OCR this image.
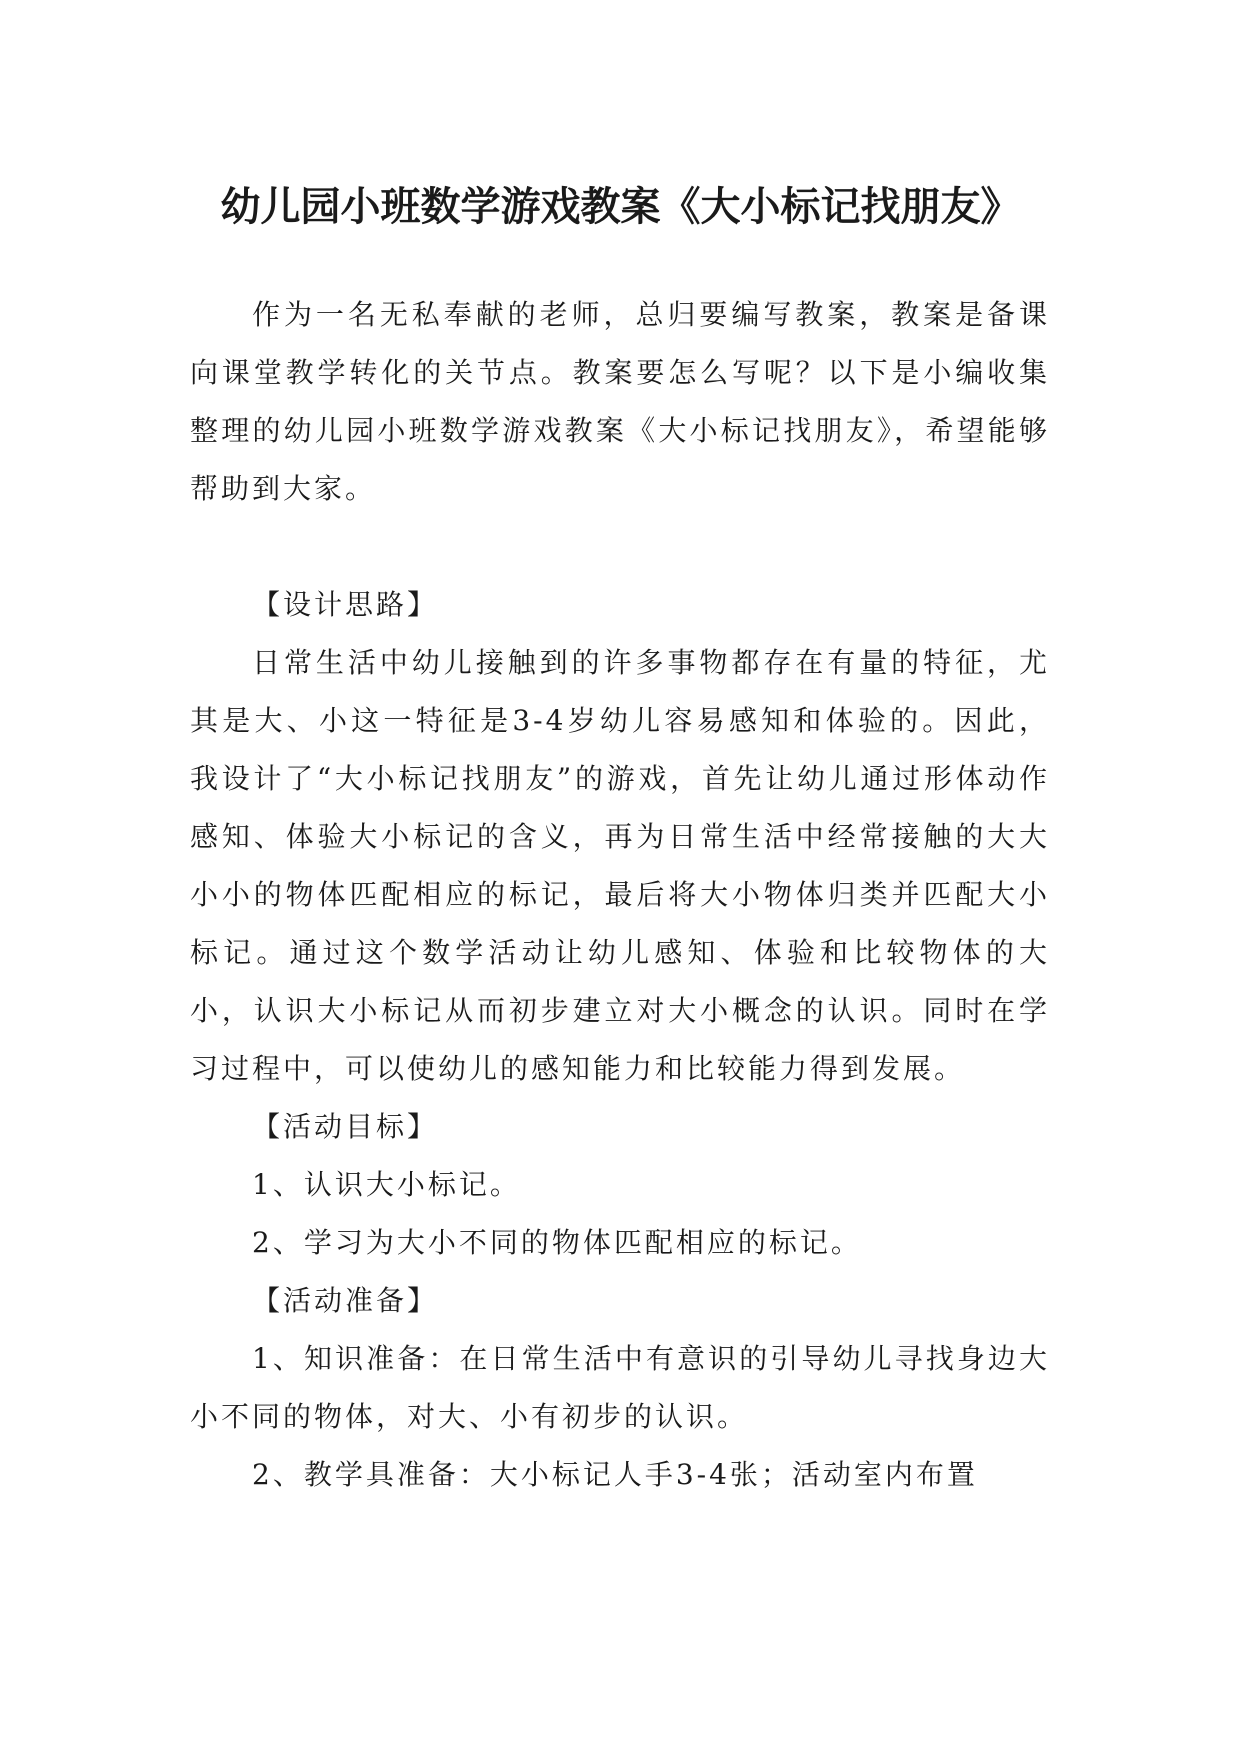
幼儿园小班数学游戏教案《大小标记找朋友》

作为一名无私奉献的老师，总归要编写教案，教案是备课向课堂教学转化的关节点。教案要怎么写呢？以下是小编收集整理的幼儿园小班数学游戏教案《大小标记找朋友》，希望能够帮助到大家。

【设计思路】

日常生活中幼儿接触到的许多事物都存在有量的特征，尤其是大、小这一特征是3-4岁幼儿容易感知和体验的。因此，我设计了“大小标记找朋友”的游戏，首先让幼儿通过形体动作感知、体验大小标记的含义，再为日常生活中经常接触的大大小小的物体匹配相应的标记，最后将大小物体归类并匹配大小标记。通过这个数学活动让幼儿感知、体验和比较物体的大小，认识大小标记从而初步建立对大小概念的认识。同时在学习过程中，可以使幼儿的感知能力和比较能力得到发展。

【活动目标】

1、认识大小标记。

2、学习为大小不同的物体匹配相应的标记。

【活动准备】

1、知识准备：在日常生活中有意识的引导幼儿寻找身边大小不同的物体，对大、小有初步的认识。

2、教学具准备：大小标记人手3-4张；活动室内布置
